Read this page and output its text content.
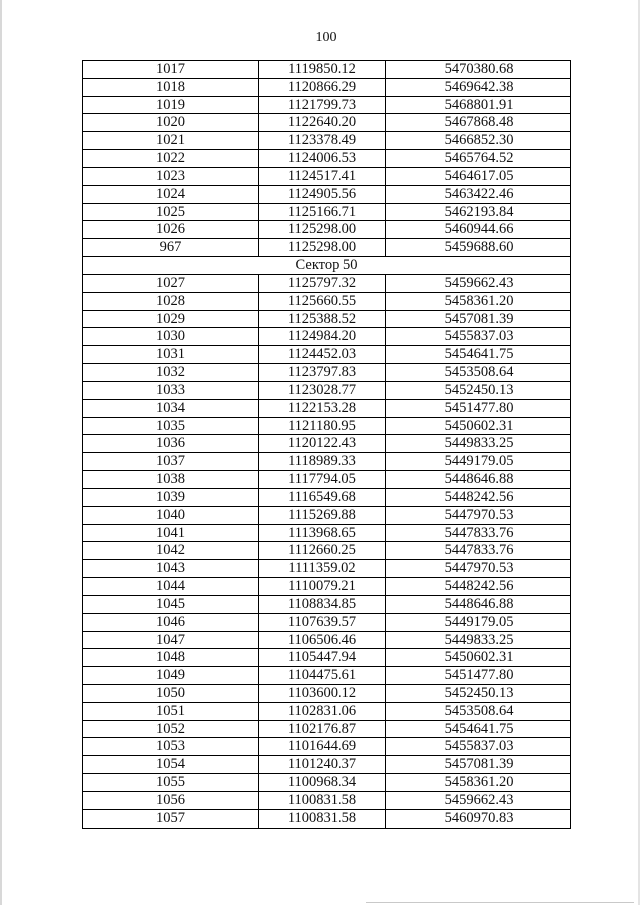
100
1017	1119850.12	5470380.68
1018	1120866.29	5469642.38
1019	1121799.73	5468801.91
1020	1122640.20	5467868.48
1021	1123378.49	5466852.30
1022	1124006.53	5465764.52
1023	1124517.41	5464617.05
1024	1124905.56	5463422.46
1025	1125166.71	5462193.84
1026	1125298.00	5460944.66
967	1125298.00	5459688.60
Сектор 50
1027	1125797.32	5459662.43
1028	1125660.55	5458361.20
1029	1125388.52	5457081.39
1030	1124984.20	5455837.03
1031	1124452.03	5454641.75
1032	1123797.83	5453508.64
1033	1123028.77	5452450.13
1034	1122153.28	5451477.80
1035	1121180.95	5450602.31
1036	1120122.43	5449833.25
1037	1118989.33	5449179.05
1038	1117794.05	5448646.88
1039	1116549.68	5448242.56
1040	1115269.88	5447970.53
1041	1113968.65	5447833.76
1042	1112660.25	5447833.76
1043	1111359.02	5447970.53
1044	1110079.21	5448242.56
1045	1108834.85	5448646.88
1046	1107639.57	5449179.05
1047	1106506.46	5449833.25
1048	1105447.94	5450602.31
1049	1104475.61	5451477.80
1050	1103600.12	5452450.13
1051	1102831.06	5453508.64
1052	1102176.87	5454641.75
1053	1101644.69	5455837.03
1054	1101240.37	5457081.39
1055	1100968.34	5458361.20
1056	1100831.58	5459662.43
1057	1100831.58	5460970.83
